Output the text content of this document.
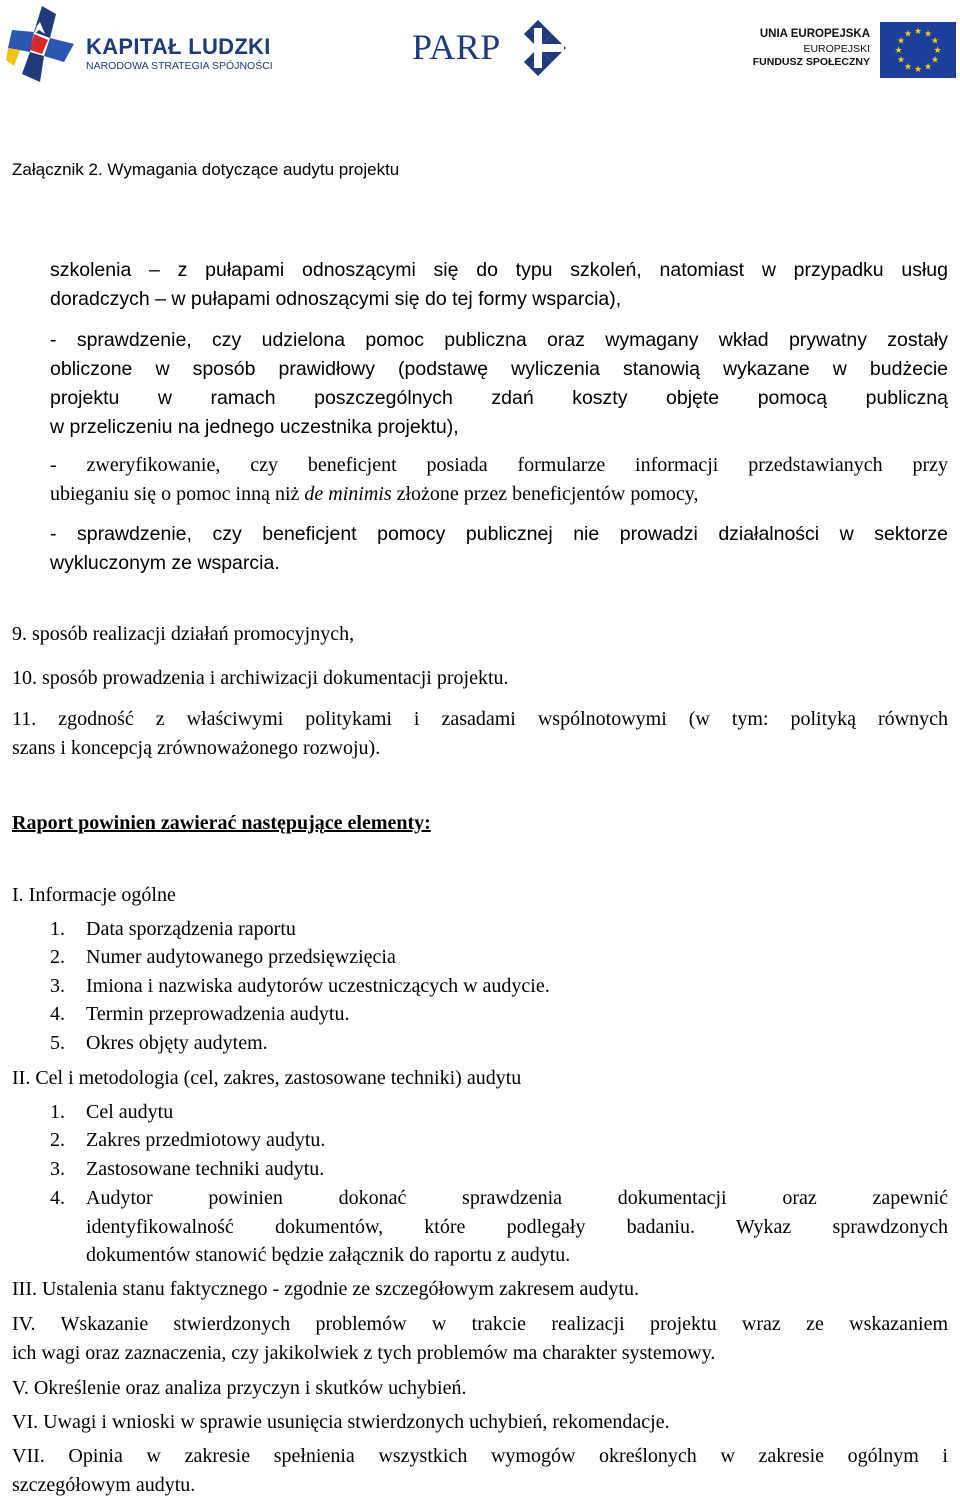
KAPITAŁ LUDZKI
NARODOWA STRATEGIA SPÓJNOŚCI	PARP	UNIA EUROPEJSKA
EUROPEJSKI
FUNDUSZ SPOŁECZNY
★ ★
★
★
★
★
★
★
★
★
★
★
Załącznik 2. Wymagania dotyczące audytu projektu
szkolenia – z pułapami odnoszącymi się do typu szkoleń, natomiast w przypadku usług
doradczych – w pułapami odnoszącymi się do tej formy wsparcia),
- sprawdzenie, czy udzielona pomoc publiczna oraz wymagany wkład prywatny zostały
obliczone w sposób prawidłowy (podstawę wyliczenia stanowią wykazane w budżecie
projektu w ramach poszczególnych zdań koszty objęte pomocą publiczną
w przeliczeniu na jednego uczestnika projektu),
- zweryfikowanie, czy beneficjent posiada formularze informacji przedstawianych przy
ubieganiu się o pomoc inną niż de minimis złożone przez beneficjentów pomocy,
- sprawdzenie, czy beneficjent pomocy publicznej nie prowadzi działalności w sektorze
wykluczonym ze wsparcia.
9. sposób realizacji działań promocyjnych,
10. sposób prowadzenia i archiwizacji dokumentacji projektu.
11. zgodność z właściwymi politykami i zasadami wspólnotowymi (w tym: polityką równych
szans i koncepcją zrównoważonego rozwoju).
Raport powinien zawierać następujące elementy:
I. Informacje ogólne
1. Data sporządzenia raportu
2. Numer audytowanego przedsięwzięcia
3. Imiona i nazwiska audytorów uczestniczących w audycie.
4. Termin przeprowadzenia audytu.
5. Okres objęty audytem.
II. Cel i metodologia (cel, zakres, zastosowane techniki) audytu
1. Cel audytu
2. Zakres przedmiotowy audytu.
3. Zastosowane techniki audytu.
4. Audytor powinien dokonać sprawdzenia dokumentacji oraz zapewnić
identyfikowalność dokumentów, które podlegały badaniu. Wykaz sprawdzonych
dokumentów stanowić będzie załącznik do raportu z audytu.
III. Ustalenia stanu faktycznego - zgodnie ze szczegółowym zakresem audytu.
IV. Wskazanie stwierdzonych problemów w trakcie realizacji projektu wraz ze wskazaniem
ich wagi oraz zaznaczenia, czy jakikolwiek z tych problemów ma charakter systemowy.
V. Określenie oraz analiza przyczyn i skutków uchybień.
VI. Uwagi i wnioski w sprawie usunięcia stwierdzonych uchybień, rekomendacje.
VII. Opinia w zakresie spełnienia wszystkich wymogów określonych w zakresie ogólnym i
szczegółowym audytu.
